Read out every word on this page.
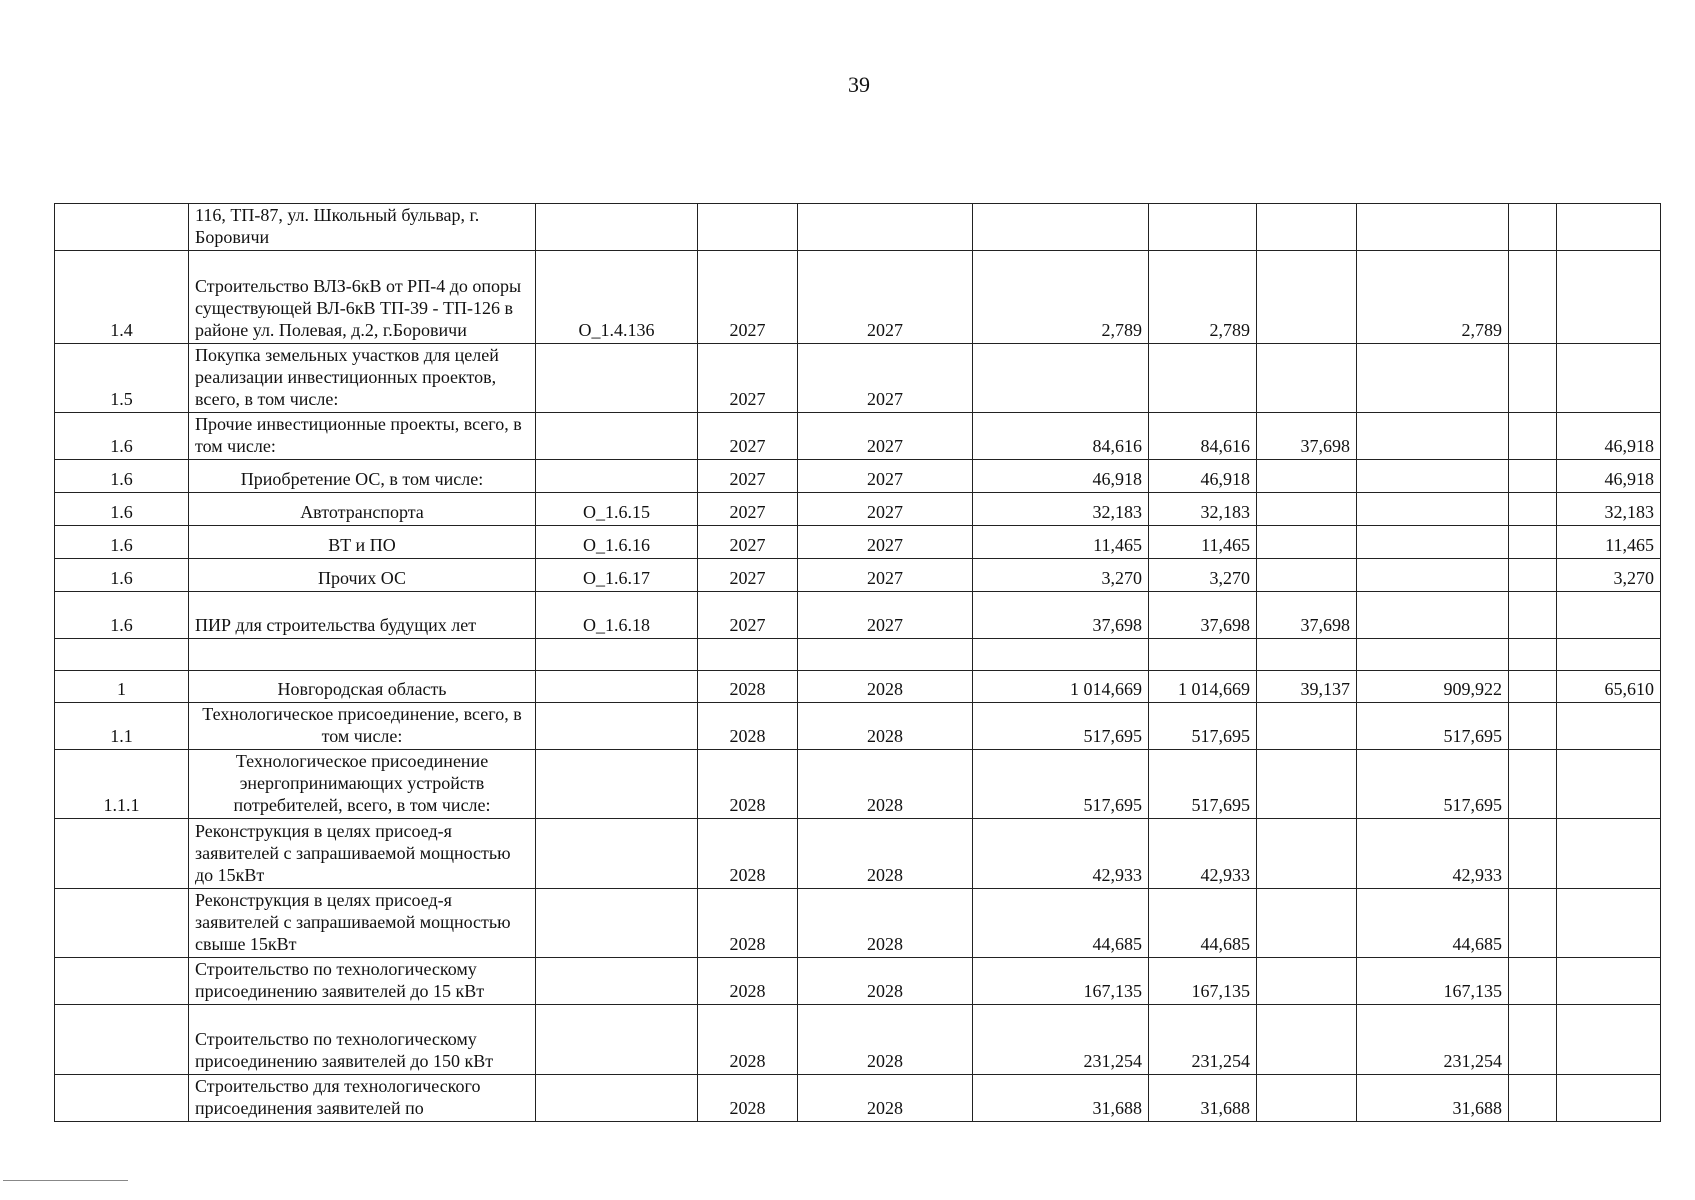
39
	116, ТП-87, ул. Школьный бульвар, г. Боровичи									
1.4	Строительство ВЛЗ-6кВ от РП-4 до опоры существующей ВЛ-6кВ ТП-39 - ТП-126 в районе ул. Полевая, д.2, г.Боровичи	O_1.4.136	2027	2027	2,789	2,789		2,789		
1.5	Покупка земельных участков для целей реализации инвестиционных проектов, всего, в том числе:		2027	2027						
1.6	Прочие инвестиционные проекты, всего, в том числе:		2027	2027	84,616	84,616	37,698			46,918
1.6	Приобретение ОС, в том числе:		2027	2027	46,918	46,918				46,918
1.6	Автотранспорта	O_1.6.15	2027	2027	32,183	32,183				32,183
1.6	ВТ и ПО	O_1.6.16	2027	2027	11,465	11,465				11,465
1.6	Прочих ОС	O_1.6.17	2027	2027	3,270	3,270				3,270
1.6	ПИР для строительства будущих лет	O_1.6.18	2027	2027	37,698	37,698	37,698			

1	Новгородская область		2028	2028	1 014,669	1 014,669	39,137	909,922		65,610
1.1	Технологическое присоединение, всего, в том числе:		2028	2028	517,695	517,695		517,695		
1.1.1	Технологическое присоединение энергопринимающих устройств потребителей, всего, в том числе:		2028	2028	517,695	517,695		517,695		
	Реконструкция в целях присоед-я заявителей с запрашиваемой мощностью до 15кВт		2028	2028	42,933	42,933		42,933		
	Реконструкция в целях присоед-я заявителей с запрашиваемой мощностью свыше 15кВт		2028	2028	44,685	44,685		44,685		
	Строительство по технологическому присоединению заявителей до 15 кВт		2028	2028	167,135	167,135		167,135		
	Строительство по технологическому присоединению заявителей до 150 кВт		2028	2028	231,254	231,254		231,254		
	Строительство для технологического присоединения заявителей по		2028	2028	31,688	31,688		31,688		
